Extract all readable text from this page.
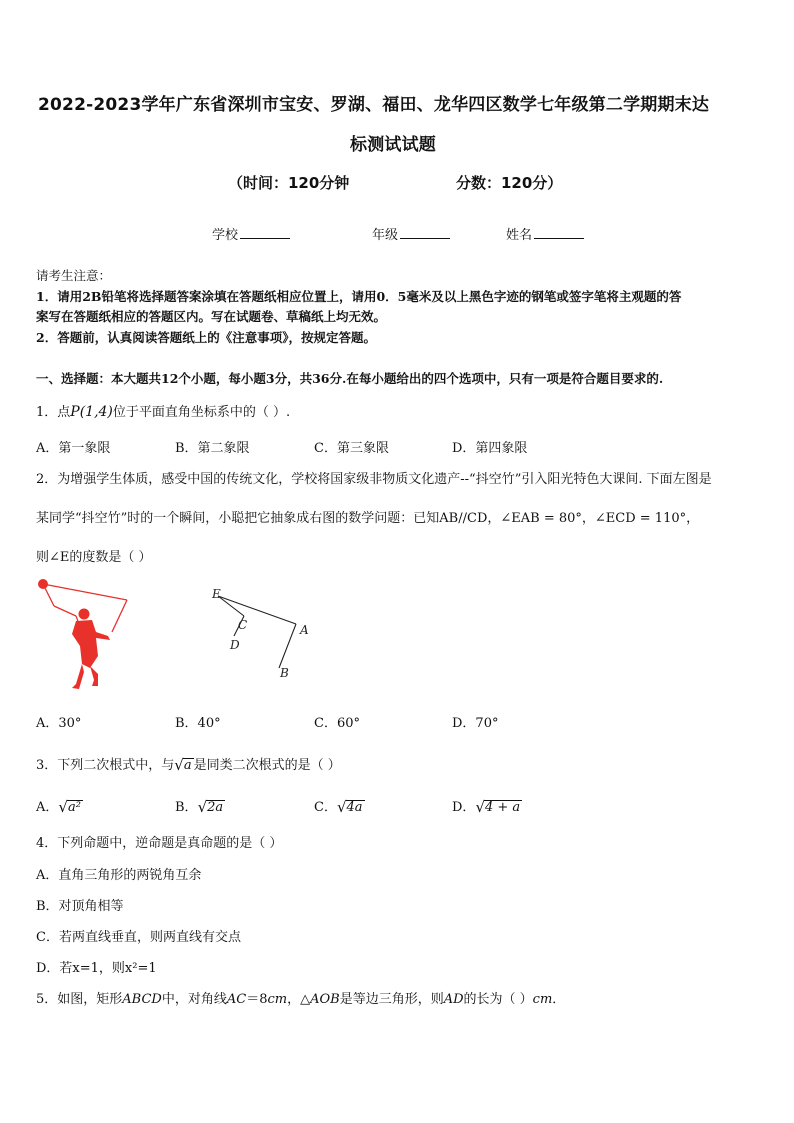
2022-2023学年广东省深圳市宝安、罗湖、福田、龙华四区数学七年级第二学期期末达
标测试试题
（时间：120分钟	分数：120分）
学校	年级	姓名
请考生注意：
1．请用2B铅笔将选择题答案涂填在答题纸相应位置上，请用0．5毫米及以上黑色字迹的钢笔或签字笔将主观题的答
案写在答题纸相应的答题区内。写在试题卷、草稿纸上均无效。
2．答题前，认真阅读答题纸上的《注意事项》，按规定答题。
一、选择题：本大题共12个小题，每小题3分，共36分.在每小题给出的四个选项中，只有一项是符合题目要求的.
1．点P(1,4)位于平面直角坐标系中的（ ）.
A．第一象限	B．第二象限	C．第三象限	D．第四象限
2．为增强学生体质，感受中国的传统文化，学校将国家级非物质文化遗产--“抖空竹”引入阳光特色大课间. 下面左图是
某同学“抖空竹”时的一个瞬间，小聪把它抽象成右图的数学问题：已知AB//CD，∠EAB = 80°，∠ECD = 110°，
则∠E的度数是（ ）
E
C
D
A
B
A．30°	B．40°	C．60°	D．70°
3．下列二次根式中，与√a 是同类二次根式的是（ ）
A．√a²	B．√2a	C．√4a	D．√4 + a
4．下列命题中，逆命题是真命题的是（ ）
A．直角三角形的两锐角互余
B．对顶角相等
C．若两直线垂直，则两直线有交点
D．若x=1，则x²=1
5．如图，矩形ABCD中，对角线AC＝8cm，△AOB是等边三角形，则AD的长为（ ）cm．
